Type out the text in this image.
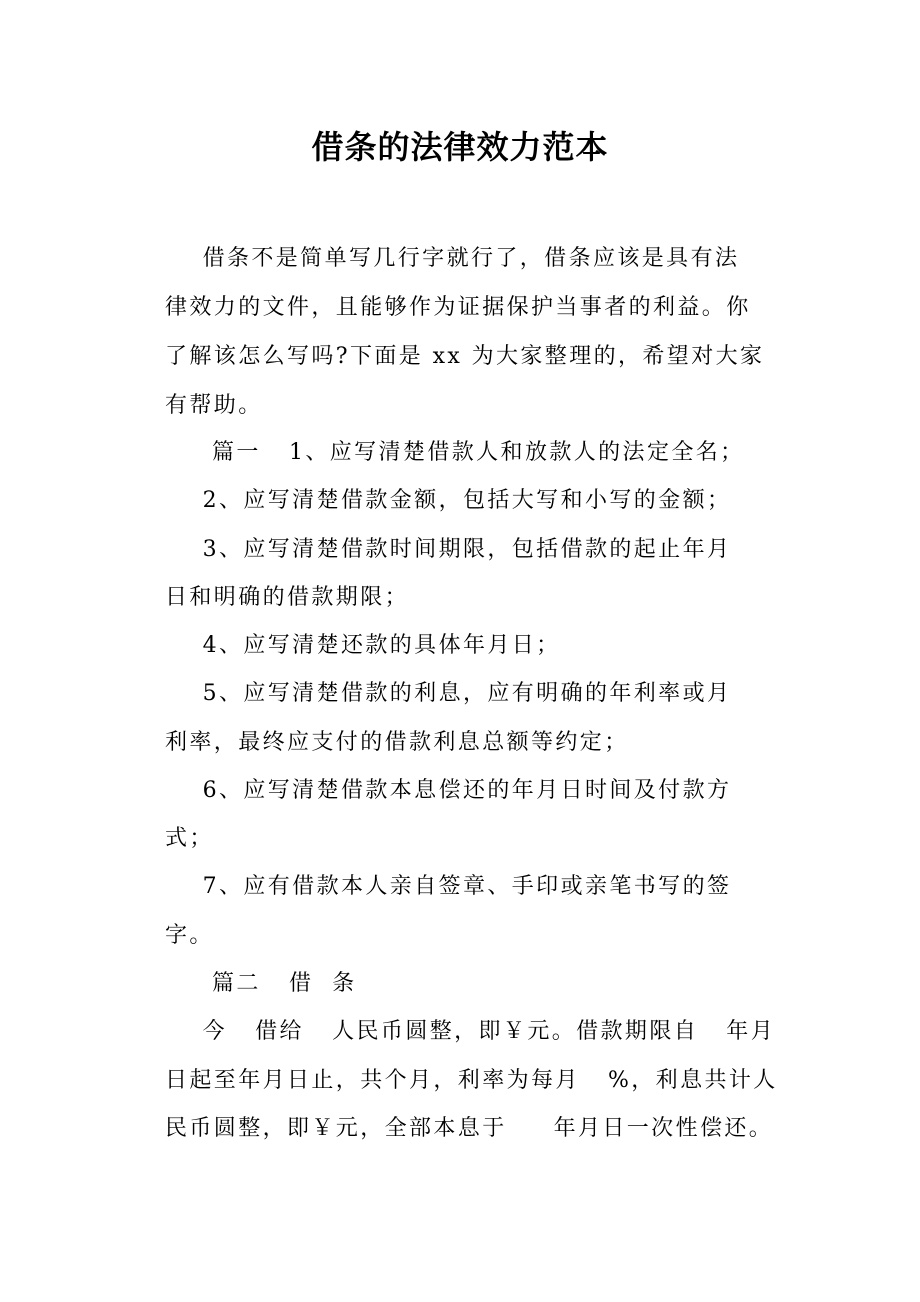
借条的法律效力范本
借条不是简单写几行字就行了，借条应该是具有法
律效力的文件，且能够作为证据保护当事者的利益。你
了解该怎么写吗?下面是 xx 为大家整理的，希望对大家
有帮助。
篇一   1、应写清楚借款人和放款人的法定全名；
2、应写清楚借款金额，包括大写和小写的金额；
3、应写清楚借款时间期限，包括借款的起止年月
日和明确的借款期限；
4、应写清楚还款的具体年月日；
5、应写清楚借款的利息，应有明确的年利率或月
利率，最终应支付的借款利息总额等约定；
6、应写清楚借款本息偿还的年月日时间及付款方
式；
7、应有借款本人亲自签章、手印或亲笔书写的签
字。
篇二   借  条
今   借给   人民币圆整，即￥元。借款期限自   年月
日起至年月日止，共个月，利率为每月   %，利息共计人
民币圆整，即￥元，全部本息于     年月日一次性偿还。
